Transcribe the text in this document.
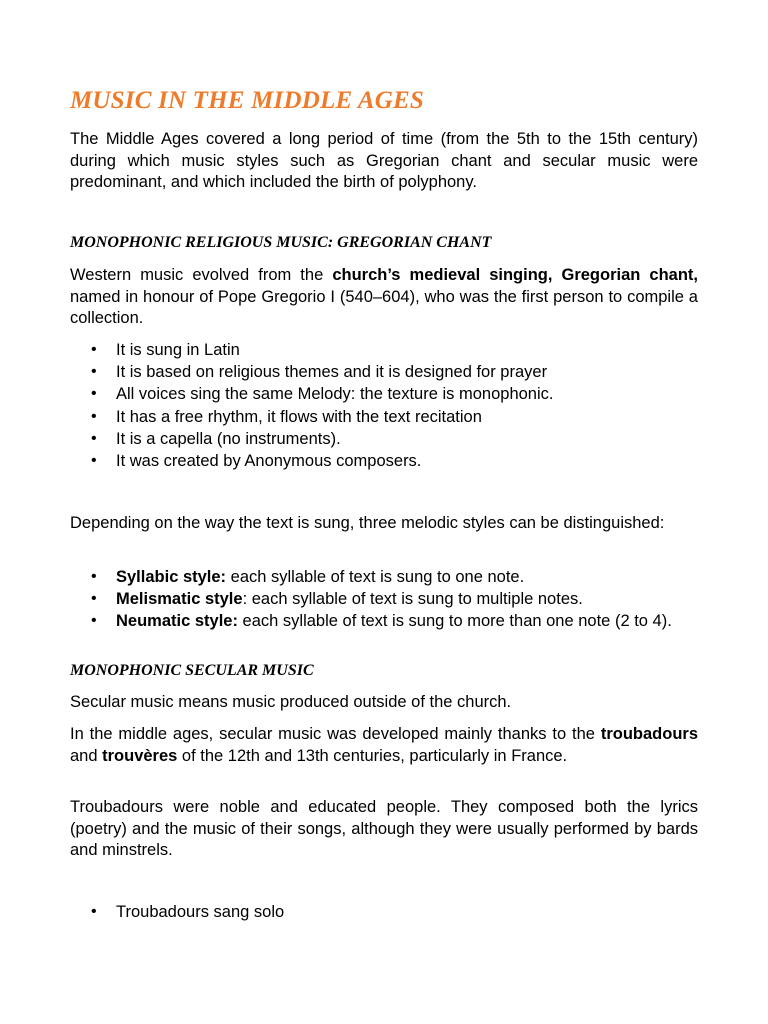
MUSIC IN THE MIDDLE AGES

The Middle Ages covered a long period of time (from the 5th to the 15th century) during which music styles such as Gregorian chant and secular music were predominant, and which included the birth of polyphony.

MONOPHONIC RELIGIOUS MUSIC: GREGORIAN CHANT

Western music evolved from the church’s medieval singing, Gregorian chant, named in honour of Pope Gregorio I (540–604), who was the first person to compile a collection.

• It is sung in Latin
• It is based on religious themes and it is designed for prayer
• All voices sing the same Melody: the texture is monophonic.
• It has a free rhythm, it flows with the text recitation
• It is a capella (no instruments).
• It was created by Anonymous composers.

Depending on the way the text is sung, three melodic styles can be distinguished:

• Syllabic style: each syllable of text is sung to one note.
• Melismatic style: each syllable of text is sung to multiple notes.
• Neumatic style: each syllable of text is sung to more than one note (2 to 4).
MONOPHONIC SECULAR MUSIC

Secular music means music produced outside of the church.

In the middle ages, secular music was developed mainly thanks to the troubadours and trouvères of the 12th and 13th centuries, particularly in France.

Troubadours were noble and educated people. They composed both the lyrics (poetry) and the music of their songs, although they were usually performed by bards and minstrels.

• Troubadours sang solo
